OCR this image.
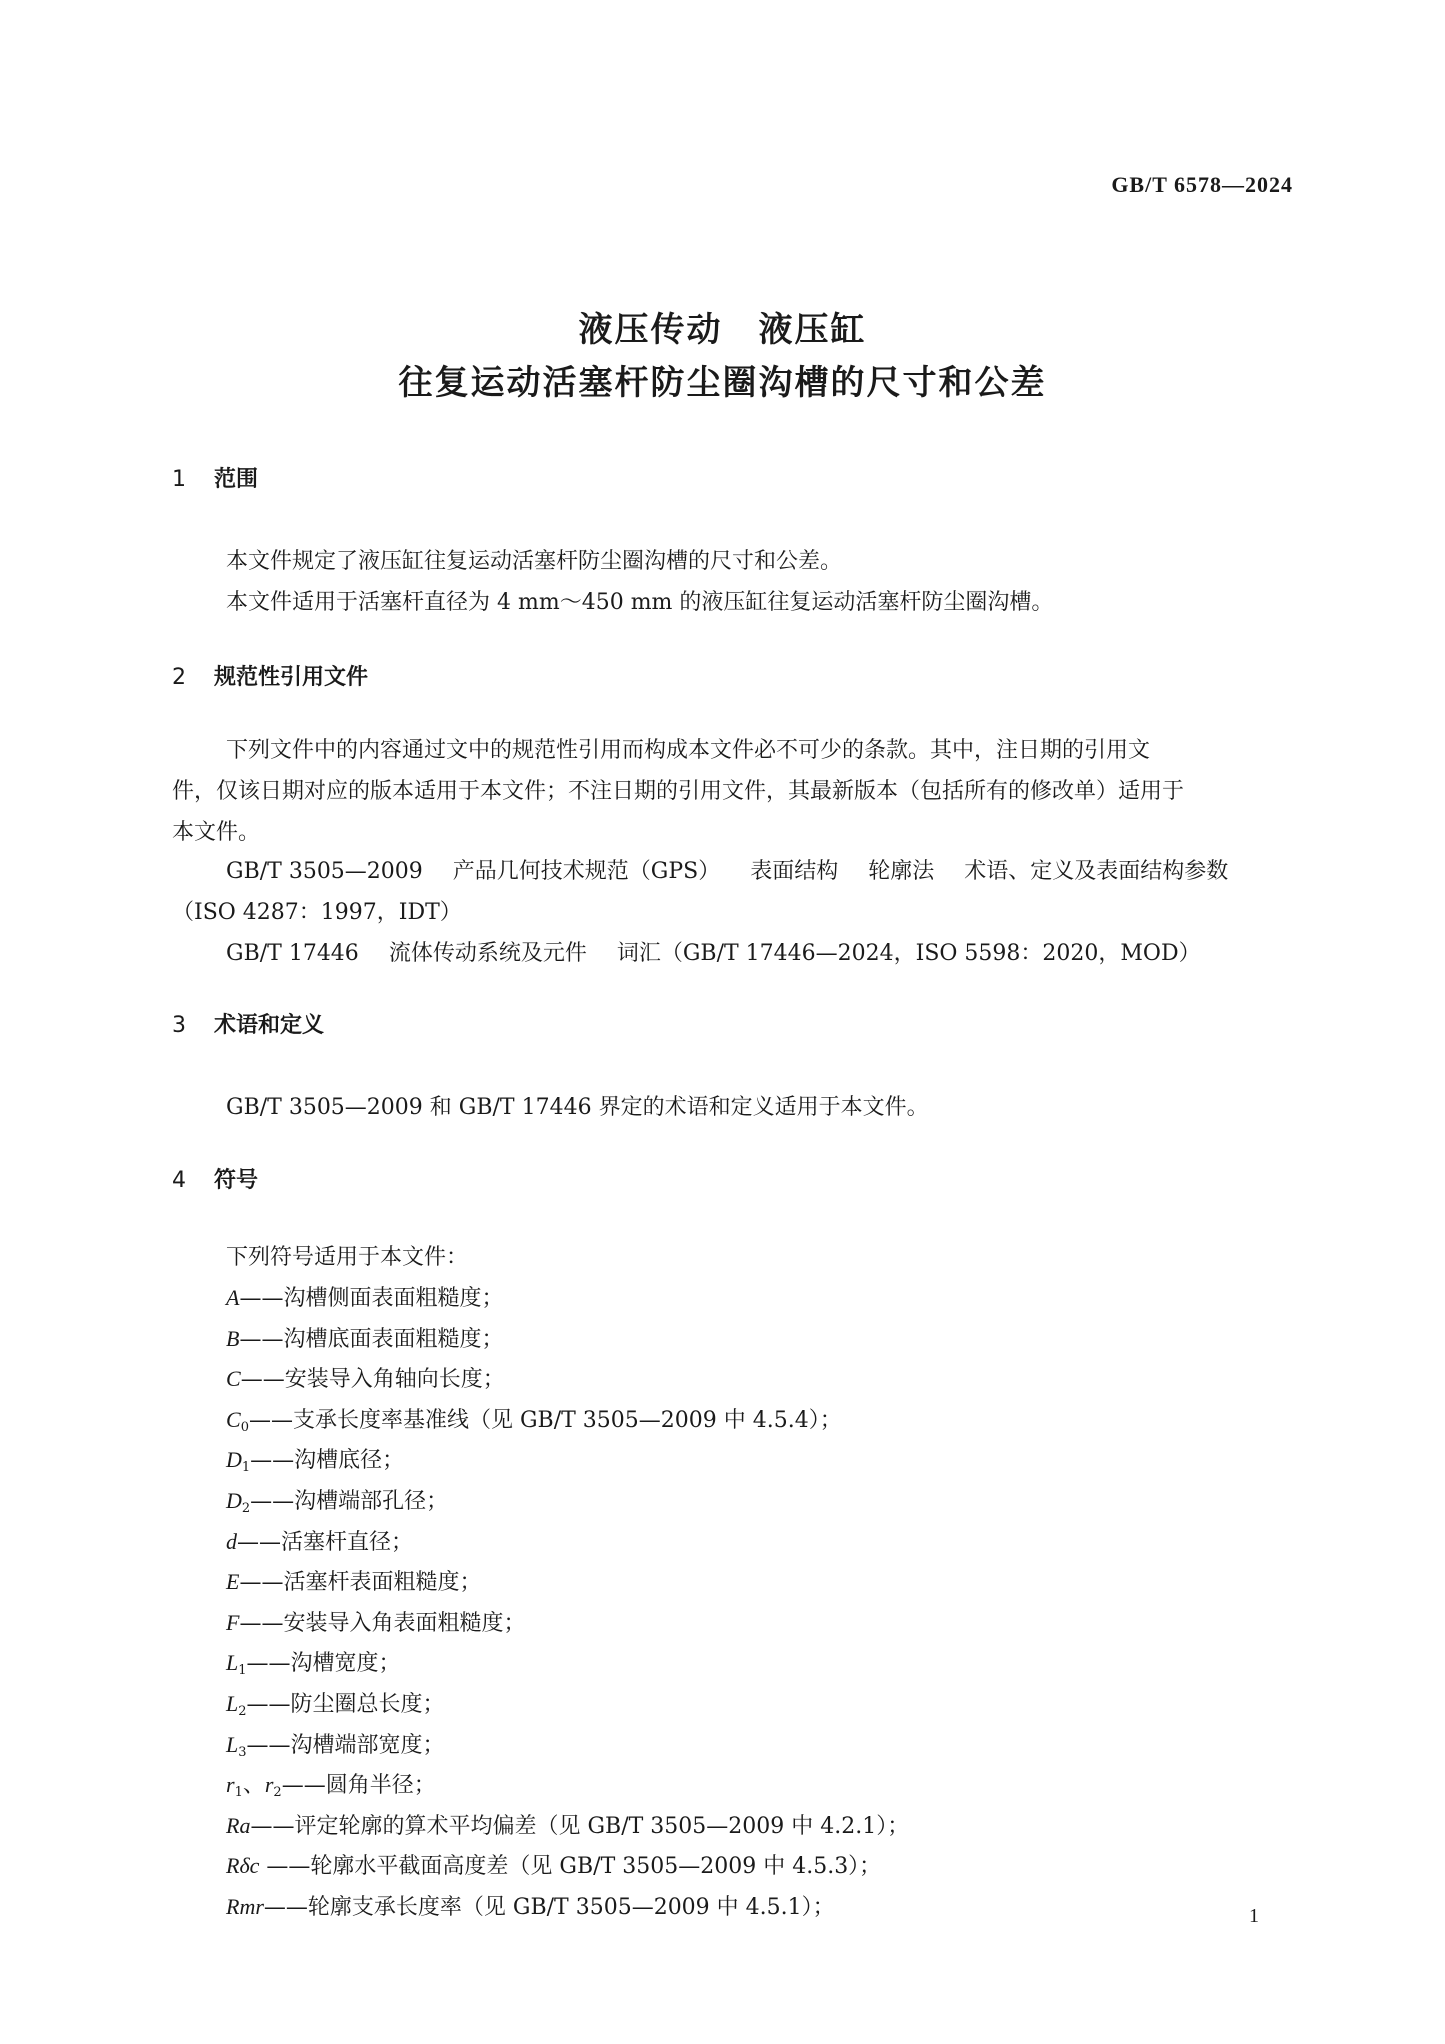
GB/T 6578—2024
液压传动 液压缸
往复运动活塞杆防尘圈沟槽的尺寸和公差
1 范围
本文件规定了液压缸往复运动活塞杆防尘圈沟槽的尺寸和公差。
本文件适用于活塞杆直径为 4 mm～450 mm 的液压缸往复运动活塞杆防尘圈沟槽。
2 规范性引用文件
下列文件中的内容通过文中的规范性引用而构成本文件必不可少的条款。其中，注日期的引用文
件，仅该日期对应的版本适用于本文件；不注日期的引用文件，其最新版本（包括所有的修改单）适用于
本文件。
GB/T 3505—2009 产品几何技术规范（GPS） 表面结构 轮廓法 术语、定义及表面结构参数
（ISO 4287：1997，IDT）
GB/T 17446 流体传动系统及元件 词汇（GB/T 17446—2024，ISO 5598：2020，MOD）
3 术语和定义
GB/T 3505—2009 和 GB/T 17446 界定的术语和定义适用于本文件。
4 符号
下列符号适用于本文件：
A——沟槽侧面表面粗糙度；
B——沟槽底面表面粗糙度；
C——安装导入角轴向长度；
$C_0——$支承长度率基准线（见 GB/T 3505—2009 中 4.5.4）；
$D_1——$沟槽底径；
$D_2——$沟槽端部孔径；
d——活塞杆直径；
E——活塞杆表面粗糙度；
F——安装导入角表面粗糙度；
$L_1——$沟槽宽度；
$L_2——$防尘圈总长度；
$L_3——$沟槽端部宽度；
$r_1$、$r_2——$圆角半径；
Ra——评定轮廓的算术平均偏差（见 GB/T 3505—2009 中 4.2.1）；
Rδc ——轮廓水平截面高度差（见 GB/T 3505—2009 中 4.5.3）；
Rmr——轮廓支承长度率（见 GB/T 3505—2009 中 4.5.1）；	1
